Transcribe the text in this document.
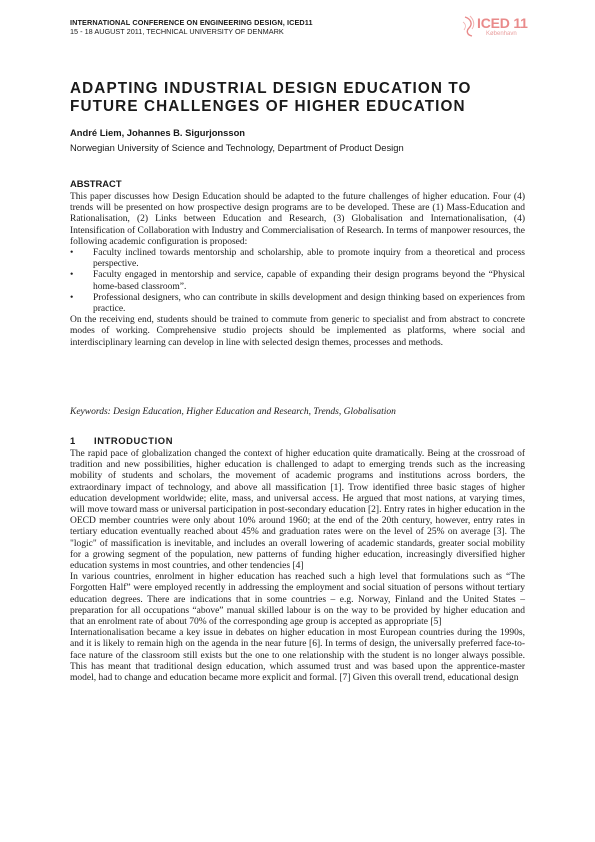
INTERNATIONAL CONFERENCE ON ENGINEERING DESIGN, ICED11
15 - 18 AUGUST 2011, TECHNICAL UNIVERSITY OF DENMARK
ICED 11
København
ADAPTING INDUSTRIAL DESIGN EDUCATION TO
FUTURE CHALLENGES OF HIGHER EDUCATION
André Liem, Johannes B. Sigurjonsson
Norwegian University of Science and Technology, Department of Product Design
ABSTRACT

This paper discusses how Design Education should be adapted to the future challenges of higher education. Four (4) trends will be presented on how prospective design programs are to be developed. These are (1) Mass-Education and Rationalisation, (2) Links between Education and Research, (3) Globalisation and Internationalisation, (4) Intensification of Collaboration with Industry and Commercialisation of Research. In terms of manpower resources, the following academic configuration is proposed:

• Faculty inclined towards mentorship and scholarship, able to promote inquiry from a theoretical and process perspective.
• Faculty engaged in mentorship and service, capable of expanding their design programs beyond the “Physical home-based classroom”.
• Professional designers, who can contribute in skills development and design thinking based on experiences from practice.

On the receiving end, students should be trained to commute from generic to specialist and from abstract to concrete modes of working. Comprehensive studio projects should be implemented as platforms, where social and interdisciplinary learning can develop in line with selected design themes, processes and methods.

Keywords: Design Education, Higher Education and Research, Trends, Globalisation
1 INTRODUCTION

The rapid pace of globalization changed the context of higher education quite dramatically. Being at the crossroad of tradition and new possibilities, higher education is challenged to adapt to emerging trends such as the increasing mobility of students and scholars, the movement of academic programs and institutions across borders, the extraordinary impact of technology, and above all massification [1]. Trow identified three basic stages of higher education development worldwide; elite, mass, and universal access. He argued that most nations, at varying times, will move toward mass or universal participation in post-secondary education [2]. Entry rates in higher education in the OECD member countries were only about 10% around 1960; at the end of the 20th century, however, entry rates in tertiary education eventually reached about 45% and graduation rates were on the level of 25% on average [3]. The "logic" of massification is inevitable, and includes an overall lowering of academic standards, greater social mobility for a growing segment of the population, new patterns of funding higher education, increasingly diversified higher education systems in most countries, and other tendencies [4]

In various countries, enrolment in higher education has reached such a high level that formulations such as “The Forgotten Half” were employed recently in addressing the employment and social situation of persons without tertiary education degrees. There are indications that in some countries – e.g. Norway, Finland and the United States – preparation for all occupations “above” manual skilled labour is on the way to be provided by higher education and that an enrolment rate of about 70% of the corresponding age group is accepted as appropriate [5]

Internationalisation became a key issue in debates on higher education in most European countries during the 1990s, and it is likely to remain high on the agenda in the near future [6]. In terms of design, the universally preferred face-to-face nature of the classroom still exists but the one to one relationship with the student is no longer always possible. This has meant that traditional design education, which assumed trust and was based upon the apprentice-master model, had to change and education became more explicit and formal. [7] Given this overall trend, educational design
